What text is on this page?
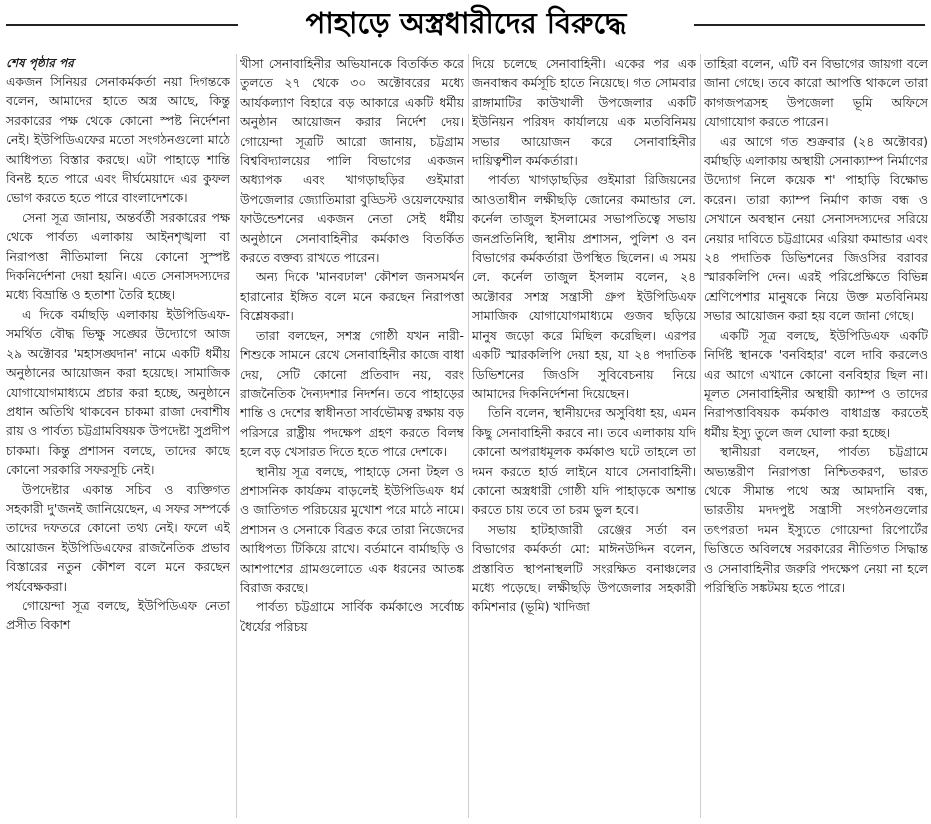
পাহাড়ে অস্ত্রধারীদের বিরুদ্ধে

শেষ পৃষ্ঠার পর

একজন সিনিয়র সেনাকর্মকর্তা নয়া দিগন্তকে বলেন, আমাদের হাতে অস্ত্র আছে, কিন্তু সরকারের পক্ষ থেকে কোনো স্পষ্ট নির্দেশনা নেই। ইউপিডিএফের মতো সংগঠনগুলো মাঠে আধিপত্য বিস্তার করছে। এটা পাহাড়ে শান্তি বিনষ্ট হতে পারে এবং দীর্ঘমেয়াদে এর কুফল ভোগ করতে হতে পারে বাংলাদেশকে।

সেনা সূত্র জানায়, অন্তর্বর্তী সরকারের পক্ষ থেকে পার্বত্য এলাকায় আইনশৃঙ্খলা বা নিরাপত্তা নীতিমালা নিয়ে কোনো সুস্পষ্ট দিকনির্দেশনা দেয়া হয়নি। এতে সেনাসদস্যদের মধ্যে বিভ্রান্তি ও হতাশা তৈরি হচ্ছে।

এ দিকে বর্মাছড়ি এলাকায় ইউপিডিএফ-সমর্থিত বৌদ্ধ ভিক্ষু সঙ্ঘের উদ্যোগে আজ ২৯ অক্টোবর 'মহাসঙ্ঘদান' নামে একটি ধর্মীয় অনুষ্ঠানের আয়োজন করা হয়েছে। সামাজিক যোগাযোগমাধ্যমে প্রচার করা হচ্ছে, অনুষ্ঠানে প্রধান অতিথি থাকবেন চাকমা রাজা দেবাশীষ রায় ও পার্বত্য চট্টগ্রামবিষয়ক উপদেষ্টা সুপ্রদীপ চাকমা। কিন্তু প্রশাসন বলছে, তাদের কাছে কোনো সরকারি সফরসূচি নেই।

উপদেষ্টার একান্ত সচিব ও ব্যক্তিগত সহকারী দু'জনই জানিয়েছেন, এ সফর সম্পর্কে তাদের দফতরে কোনো তথ্য নেই। ফলে এই আয়োজন ইউপিডিএফের রাজনৈতিক প্রভাব বিস্তারের নতুন কৌশল বলে মনে করছেন পর্যবেক্ষকরা।

গোয়েন্দা সূত্র বলছে, ইউপিডিএফ নেতা প্রসীত বিকাশ

খীসা সেনাবাহিনীর অভিযানকে বিতর্কিত করে তুলতে ২৭ থেকে ৩০ অক্টোবরের মধ্যে আর্যকল্যাণ বিহারে বড় আকারে একটি ধর্মীয় অনুষ্ঠান আয়োজন করার নির্দেশ দেয়। গোয়েন্দা সূত্রটি আরো জানায়, চট্টগ্রাম বিশ্ববিদ্যালয়ের পালি বিভাগের একজন অধ্যাপক এবং খাগড়াছড়ির গুইমারা উপজেলার জ্যোতিমারা বুড্ডিস্ট ওয়েলফেয়ার ফাউন্ডেশনের একজন নেতা সেই ধর্মীয় অনুষ্ঠানে সেনাবাহিনীর কর্মকাণ্ড বিতর্কিত করতে বক্তব্য রাখতে পারেন।

অন্য দিকে 'মানবঢাল' কৌশল জনসমর্থন হারানোর ইঙ্গিত বলে মনে করছেন নিরাপত্তা বিশ্লেষকরা।

তারা বলছেন, সশস্ত্র গোষ্ঠী যখন নারী-শিশুকে সামনে রেখে সেনাবাহিনীর কাজে বাধা দেয়, সেটি কোনো প্রতিবাদ নয়, বরং রাজনৈতিক দৈন্যদশার নিদর্শন। তবে পাহাড়ের শান্তি ও দেশের স্বাধীনতা সার্বভৌমত্ব রক্ষায় বড় পরিসরে রাষ্ট্রীয় পদক্ষেপ গ্রহণ করতে বিলম্ব হলে বড় খেসারত দিতে হতে পারে দেশকে।

স্থানীয় সূত্র বলছে, পাহাড়ে সেনা টহল ও প্রশাসনিক কার্যক্রম বাড়লেই ইউপিডিএফ ধর্ম ও জাতিগত পরিচয়ের মুখোশ পরে মাঠে নামে। প্রশাসন ও সেনাকে বিব্রত করে তারা নিজেদের আধিপত্য টিকিয়ে রাখে। বর্তমানে বার্মাছড়ি ও আশপাশের গ্রামগুলোতে এক ধরনের আতঙ্ক বিরাজ করছে।

পার্বত্য চট্টগ্রামে সার্বিক কর্মকাণ্ডে সর্বোচ্চ ধৈর্যের পরিচয়

দিয়ে চলেছে সেনাবাহিনী। একের পর এক জনবান্ধব কর্মসূচি হাতে নিয়েছে। গত সোমবার রাঙ্গামাটির কাউখালী উপজেলার একটি ইউনিয়ন পরিষদ কার্যালয়ে এক মতবিনিময় সভার আয়োজন করে সেনাবাহিনীর দায়িত্বশীল কর্মকর্তারা।

পার্বত্য খাগড়াছড়ির গুইমারা রিজিয়নের আওতাধীন লক্ষীছড়ি জোনের কমান্ডার লে. কর্নেল তাজুল ইসলামের সভাপতিত্বে সভায় জনপ্রতিনিধি, স্থানীয় প্রশাসন, পুলিশ ও বন বিভাগের কর্মকর্তারা উপস্থিত ছিলেন। এ সময় লে. কর্নেল তাজুল ইসলাম বলেন, ২৪ অক্টোবর সশস্ত্র সন্ত্রাসী গ্রুপ ইউপিডিএফ সামাজিক যোগাযোগমাধ্যমে গুজব ছড়িয়ে মানুষ জড়ো করে মিছিল করেছিল। এরপর একটি স্মারকলিপি দেয়া হয়, যা ২৪ পদাতিক ডিভিশনের জিওসি সুবিবেচনায় নিয়ে আমাদের দিকনির্দেশনা দিয়েছেন।

তিনি বলেন, স্থানীয়দের অসুবিধা হয়, এমন কিছু সেনাবাহিনী করবে না। তবে এলাকায় যদি কোনো অপরাধমূলক কর্মকাণ্ড ঘটে তাহলে তা দমন করতে হার্ড লাইনে যাবে সেনাবাহিনী। কোনো অস্ত্রধারী গোষ্ঠী যদি পাহাড়কে অশান্ত করতে চায় তবে তা চরম ভুল হবে।

সভায় হাটহাজারী রেঞ্জের সর্তা বন বিভাগের কর্মকর্তা মো: মাঈনউদ্দিন বলেন, প্রস্তাবিত স্থাপনাস্থলটি সংরক্ষিত বনাঞ্চলের মধ্যে পড়েছে। লক্ষীছড়ি উপজেলার সহকারী কমিশনার (ভূমি) খাদিজা

তাহিরা বলেন, এটি বন বিভাগের জায়গা বলে জানা গেছে। তবে কারো আপত্তি থাকলে তারা কাগজপত্রসহ উপজেলা ভূমি অফিসে যোগাযোগ করতে পারেন।

এর আগে গত শুক্রবার (২৪ অক্টোবর) বর্মাছড়ি এলাকায় অস্থায়ী সেনাক্যাম্প নির্মাণের উদ্যোগ নিলে কয়েক শ' পাহাড়ি বিক্ষোভ করেন। তারা ক্যাম্প নির্মাণ কাজ বন্ধ ও সেখানে অবস্থান নেয়া সেনাসদস্যদের সরিয়ে নেয়ার দাবিতে চট্টগ্রামের এরিয়া কমান্ডার এবং ২৪ পদাতিক ডিভিশনের জিওসির বরাবর স্মারকলিপি দেন। এরই পরিপ্রেক্ষিতে বিভিন্ন শ্রেণিপেশার মানুষকে নিয়ে উক্ত মতবিনিময় সভার আয়োজন করা হয় বলে জানা গেছে।

একটি সূত্র বলছে, ইউপিডিএফ একটি নির্দিষ্ট স্থানকে 'বনবিহার' বলে দাবি করলেও এর আগে এখানে কোনো বনবিহার ছিল না। মূলত সেনাবাহিনীর অস্থায়ী ক্যাম্প ও তাদের নিরাপত্তাবিষয়ক কর্মকাণ্ড বাধাগ্রস্ত করতেই ধর্মীয় ইস্যু তুলে জল ঘোলা করা হচ্ছে।

স্থানীয়রা বলছেন, পার্বত্য চট্টগ্রামে অভ্যন্তরীণ নিরাপত্তা নিশ্চিতকরণ, ভারত থেকে সীমান্ত পথে অস্ত্র আমদানি বন্ধ, ভারতীয় মদদপুষ্ট সন্ত্রাসী সংগঠনগুলোর তৎপরতা দমন ইস্যুতে গোয়েন্দা রিপোর্টের ভিত্তিতে অবিলম্বে সরকারের নীতিগত সিদ্ধান্ত ও সেনাবাহিনীর জরুরি পদক্ষেপ নেয়া না হলে পরিস্থিতি সঙ্কটময় হতে পারে।
